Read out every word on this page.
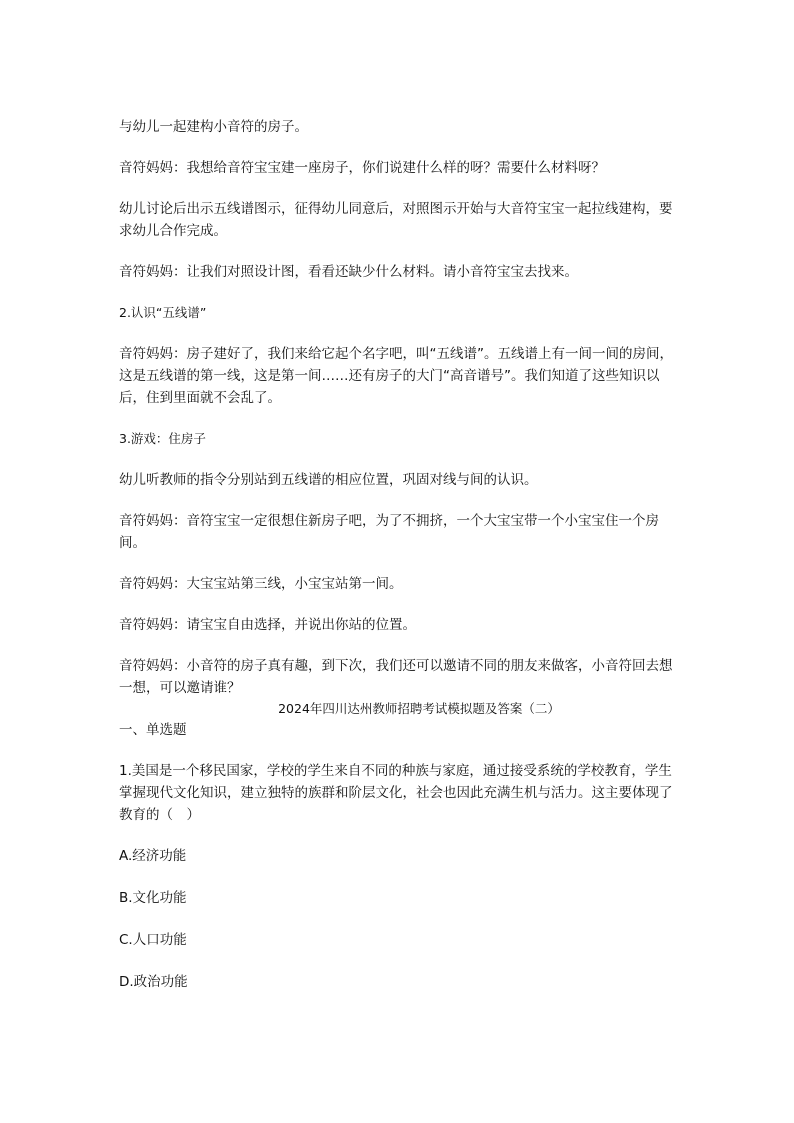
与幼儿一起建构小音符的房子。

音符妈妈：我想给音符宝宝建一座房子，你们说建什么样的呀？需要什么材料呀？

幼儿讨论后出示五线谱图示，征得幼儿同意后，对照图示开始与大音符宝宝一起拉线建构，要求幼儿合作完成。

音符妈妈：让我们对照设计图，看看还缺少什么材料。请小音符宝宝去找来。

2.认识“五线谱”

音符妈妈：房子建好了，我们来给它起个名字吧，叫“五线谱”。五线谱上有一间一间的房间，这是五线谱的第一线，这是第一间……还有房子的大门“高音谱号”。我们知道了这些知识以后，住到里面就不会乱了。

3.游戏：住房子

幼儿听教师的指令分别站到五线谱的相应位置，巩固对线与间的认识。

音符妈妈：音符宝宝一定很想住新房子吧，为了不拥挤，一个大宝宝带一个小宝宝住一个房间。

音符妈妈：大宝宝站第三线，小宝宝站第一间。

音符妈妈：请宝宝自由选择，并说出你站的位置。

音符妈妈：小音符的房子真有趣，到下次，我们还可以邀请不同的朋友来做客，小音符回去想一想，可以邀请谁？

2024年四川达州教师招聘考试模拟题及答案（二）

一、单选题

1.美国是一个移民国家，学校的学生来自不同的种族与家庭，通过接受系统的学校教育，学生掌握现代文化知识，建立独特的族群和阶层文化，社会也因此充满生机与活力。这主要体现了教育的（　）

A.经济功能

B.文化功能

C.人口功能

D.政治功能
